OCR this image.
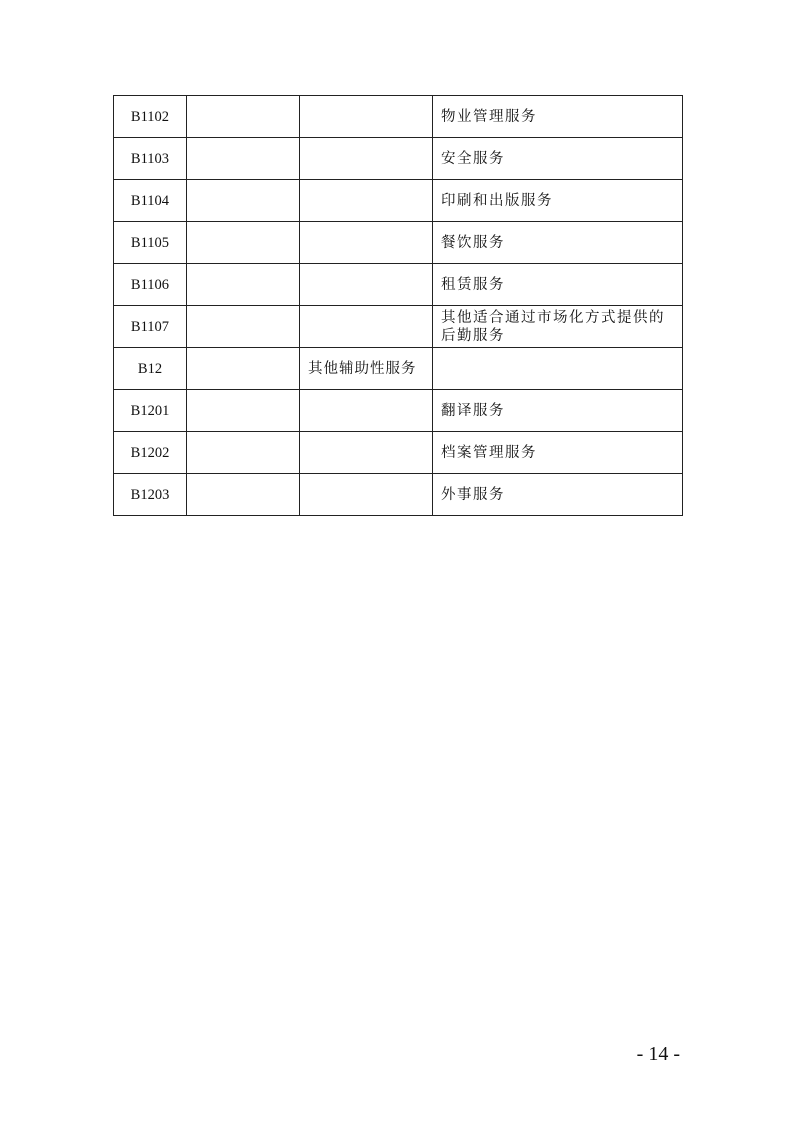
B1102			物业管理服务
B1103			安全服务
B1104			印刷和出版服务
B1105			餐饮服务
B1106			租赁服务
B1107			其他适合通过市场化方式提供的后勤服务
B12		其他辅助性服务	
B1201			翻译服务
B1202			档案管理服务
B1203			外事服务
- 14 -
